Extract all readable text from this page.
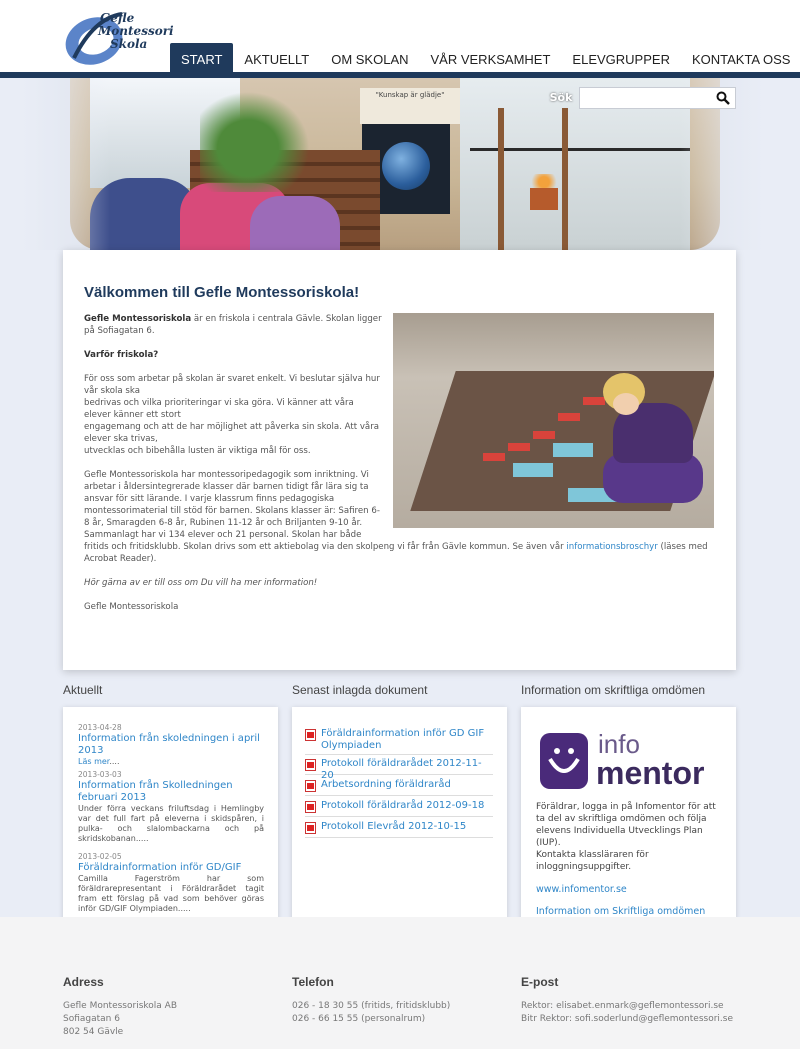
Gefle
Montessori
Skola
START	AKTUELLT	OM SKOLAN	VÅR VERKSAMHET	ELEVGRUPPER	KONTAKTA OSS
"Kunskap är glädje"	Sök
Välkommen till Gefle Montessoriskola!

Gefle Montessoriskola är en friskola i centrala Gävle. Skolan ligger på Sofiagatan 6.

Varför friskola?

För oss som arbetar på skolan är svaret enkelt. Vi beslutar själva hur vår skola ska
bedrivas och vilka prioriteringar vi ska göra. Vi känner att våra elever känner ett stort
engagemang och att de har möjlighet att påverka sin skola. Att våra elever ska trivas,
utvecklas och bibehålla lusten är viktiga mål för oss.

Gefle Montessoriskola har montessoripedagogik som inriktning. Vi arbetar i åldersintegrerade klasser där barnen tidigt får lära sig ta ansvar för sitt lärande. I varje klassrum finns pedagogiska montessorimaterial till stöd för barnen. Skolans klasser är: Safiren 6-8 år, Smaragden 6-8 år, Rubinen 11-12 år och Briljanten 9-10 år. Sammanlagt har vi 134 elever och 21 personal. Skolan har både fritids och fritidsklubb. Skolan drivs som ett aktiebolag via den skolpeng vi får från Gävle kommun. Se även vår informationsbroschyr (läses med Acrobat Reader).

Hör gärna av er till oss om Du vill ha mer information!

Gefle Montessoriskola

Aktuellt	Senast inlagda dokument	Information om skriftliga omdömen
2013-04-28
Information från skoledningen i april 2013
Läs mer....
2013-03-03
Information från Skolledningen februari 2013
Under förra veckans friluftsdag i Hemlingby var det full fart på eleverna i skidspåren, i pulka- och slalombackarna och på skridskobanan.....
2013-02-05
Föräldrainformation inför GD/GIF
Camilla Fagerström har som föräldrarepresentant i Föräldrarådet tagit fram ett förslag på vad som behöver göras inför GD/GIF Olympiaden.....
Föräldrainformation inför GD GIF Olympiaden
Protokoll föräldrarådet 2012-11-20
Arbetsordning föräldraråd
Protokoll föräldraråd 2012-09-18
Protokoll Elevråd 2012-10-15
info
mentor
Föräldrar, logga in på Infomentor för att ta del av skriftliga omdömen och följa elevens Individuella Utvecklings Plan (IUP).
Kontakta klassläraren för inloggningsuppgifter.
www.infomentor.se
Information om Skriftliga omdömen
Adress
Gefle Montessoriskola AB
Sofiagatan 6
802 54 Gävle
Telefon
026 - 18 30 55 (fritids, fritidsklubb)
026 - 66 15 55 (personalrum)
E-post
Rektor: elisabet.enmark@geflemontessori.se
Bitr Rektor: sofi.soderlund@geflemontessori.se
